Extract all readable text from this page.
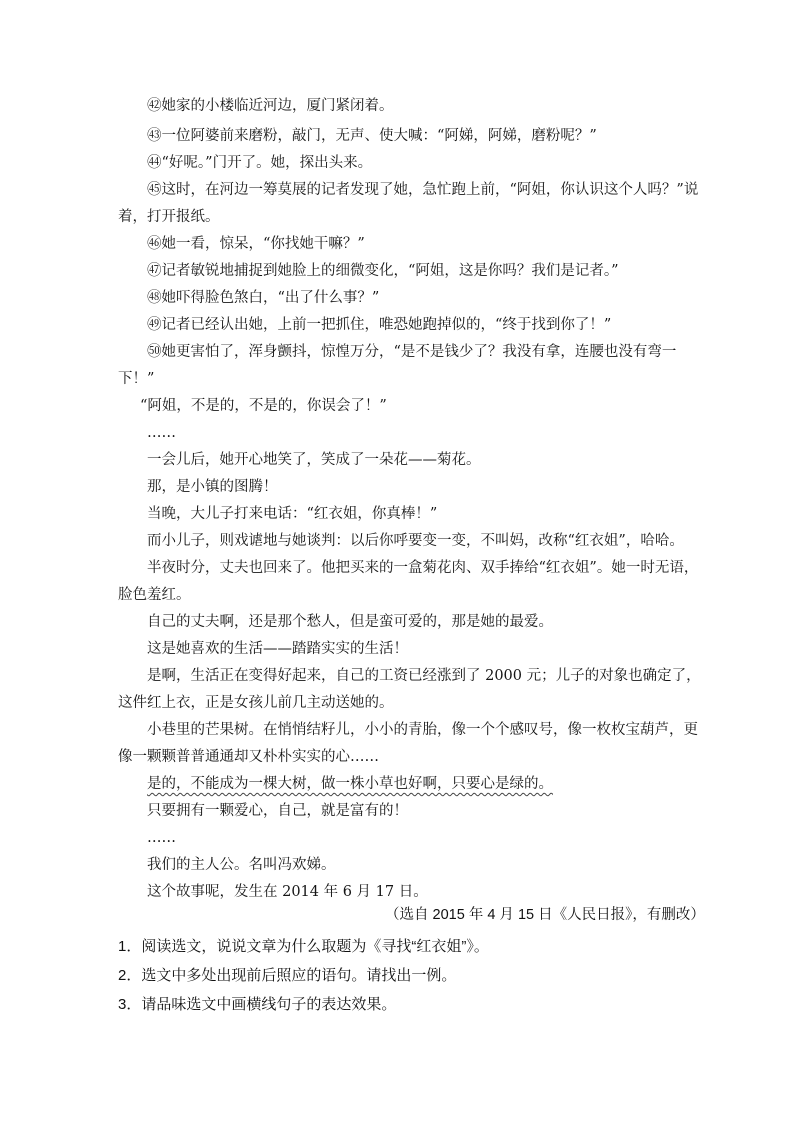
㊷她家的小楼临近河边，厦门紧闭着。
㊸一位阿婆前来磨粉，敲门，无声、使大喊：“阿娣，阿娣，磨粉呢？”
㊹“好呢。”门开了。她，探出头来。
㊺这时，在河边一筹莫展的记者发现了她，急忙跑上前，“阿姐，你认识这个人吗？”说
着，打开报纸。
㊻她一看，惊呆，“你找她干嘛？”
㊼记者敏锐地捕捉到她脸上的细微变化，“阿姐，这是你吗？我们是记者。”
㊽她吓得脸色煞白，“出了什么事？”
㊾记者已经认出她，上前一把抓住，唯恐她跑掉似的，“终于找到你了！”
㊿她更害怕了，浑身颤抖，惊惶万分，“是不是钱少了？我没有拿，连腰也没有弯一
下！”
“阿姐，不是的，不是的，你误会了！”
……
一会儿后，她开心地笑了，笑成了一朵花——菊花。
那，是小镇的图腾！
当晚，大儿子打来电话：“红衣姐，你真棒！”
而小儿子，则戏谑地与她谈判：以后你呼要变一变，不叫妈，改称“红衣姐”，哈哈。
半夜时分，丈夫也回来了。他把买来的一盒菊花肉、双手捧给“红衣姐”。她一时无语，
脸色羞红。
自己的丈夫啊，还是那个愁人，但是蛮可爱的，那是她的最爱。
这是她喜欢的生活——踏踏实实的生活！
是啊，生活正在变得好起来，自己的工资已经涨到了 2000 元；儿子的对象也确定了，
这件红上衣，正是女孩儿前几主动送她的。
小巷里的芒果树。在悄悄结籽儿，小小的青胎，像一个个感叹号，像一枚枚宝葫芦，更
像一颗颗普普通通却又朴朴实实的心……
是的，不能成为一棵大树，做一株小草也好啊，只要心是绿的。
只要拥有一颗爱心，自己，就是富有的！
……
我们的主人公。名叫冯欢娣。
这个故事呢，发生在 2014 年 6 月 17 日。
（选自 2015 年 4 月 15 日《人民日报》，有删改）
1．阅读选文，说说文章为什么取题为《寻找“红衣姐”》。
2．选文中多处出现前后照应的语句。请找出一例。
3．请品味选文中画横线句子的表达效果。
